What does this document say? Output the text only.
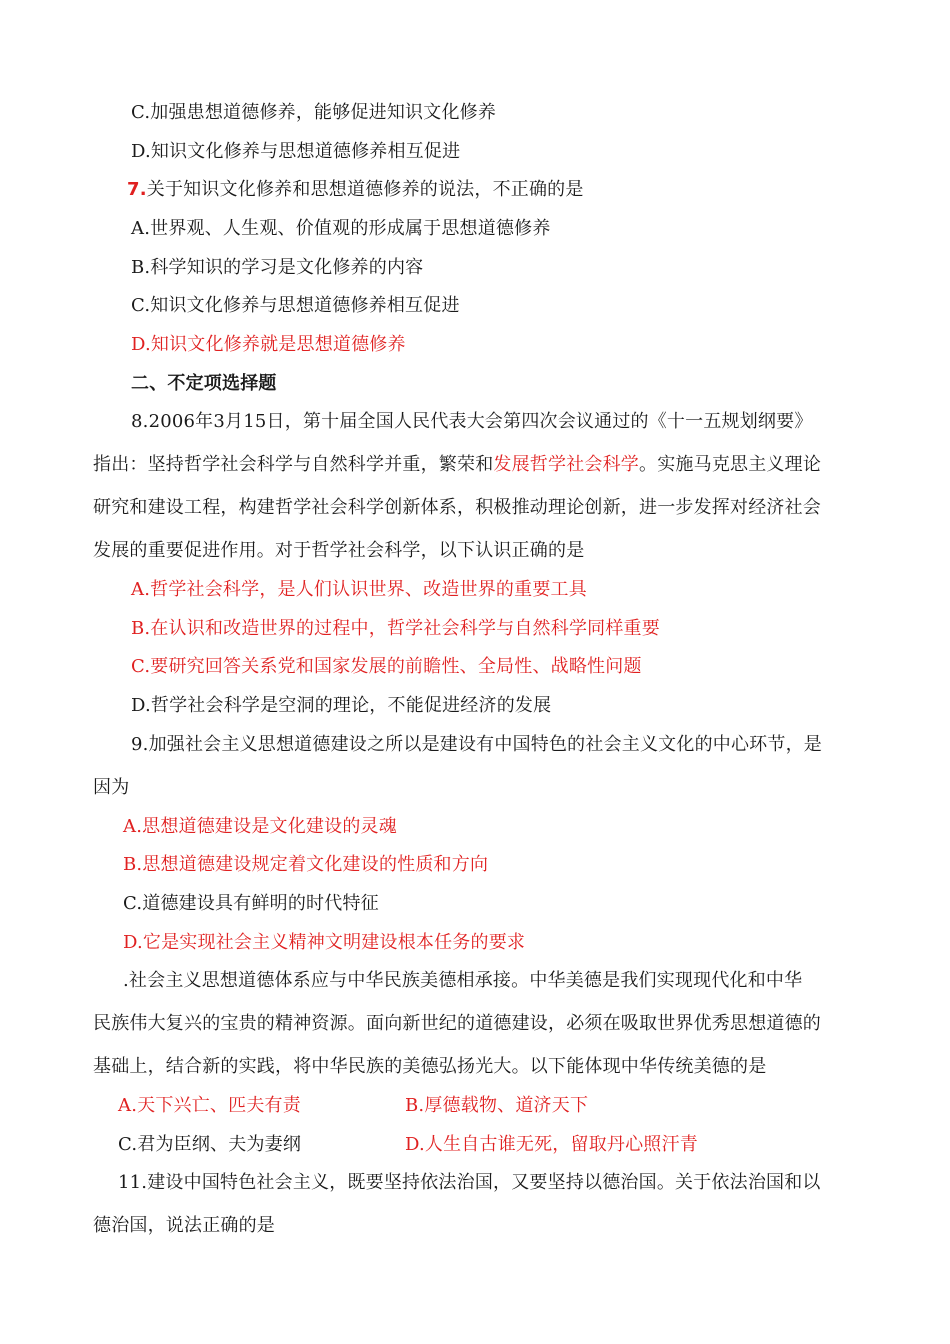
C.加强患想道德修养，能够促进知识文化修养
D.知识文化修养与思想道德修养相互促进
7.关于知识文化修养和思想道德修养的说法，不正确的是
A.世界观、人生观、价值观的形成属于思想道德修养
B.科学知识的学习是文化修养的内容
C.知识文化修养与思想道德修养相互促进
D.知识文化修养就是思想道德修养
二、不定项选择题
8.2006年3月15日，第十届全国人民代表大会第四次会议通过的《十一五规划纲要》
指出：坚持哲学社会科学与自然科学并重，繁荣和发展哲学社会科学。实施马克思主义理论
研究和建设工程，构建哲学社会科学创新体系，积极推动理论创新，进一步发挥对经济社会
发展的重要促进作用。对于哲学社会科学，以下认识正确的是
A.哲学社会科学，是人们认识世界、改造世界的重要工具
B.在认识和改造世界的过程中，哲学社会科学与自然科学同样重要
C.要研究回答关系党和国家发展的前瞻性、全局性、战略性问题
D.哲学社会科学是空洞的理论，不能促进经济的发展
9.加强社会主义思想道德建设之所以是建设有中国特色的社会主义文化的中心环节，是
因为
A.思想道德建设是文化建设的灵魂
B.思想道德建设规定着文化建设的性质和方向
C.道德建设具有鲜明的时代特征
D.它是实现社会主义精神文明建设根本任务的要求
.社会主义思想道德体系应与中华民族美德相承接。中华美德是我们实现现代化和中华
民族伟大复兴的宝贵的精神资源。面向新世纪的道德建设，必须在吸取世界优秀思想道德的
基础上，结合新的实践，将中华民族的美德弘扬光大。以下能体现中华传统美德的是
A.天下兴亡、匹夫有责	B.厚德载物、道济天下
C.君为臣纲、夫为妻纲	D.人生自古谁无死，留取丹心照汗青
11.建设中国特色社会主义，既要坚持依法治国，又要坚持以德治国。关于依法治国和以
德治国，说法正确的是
